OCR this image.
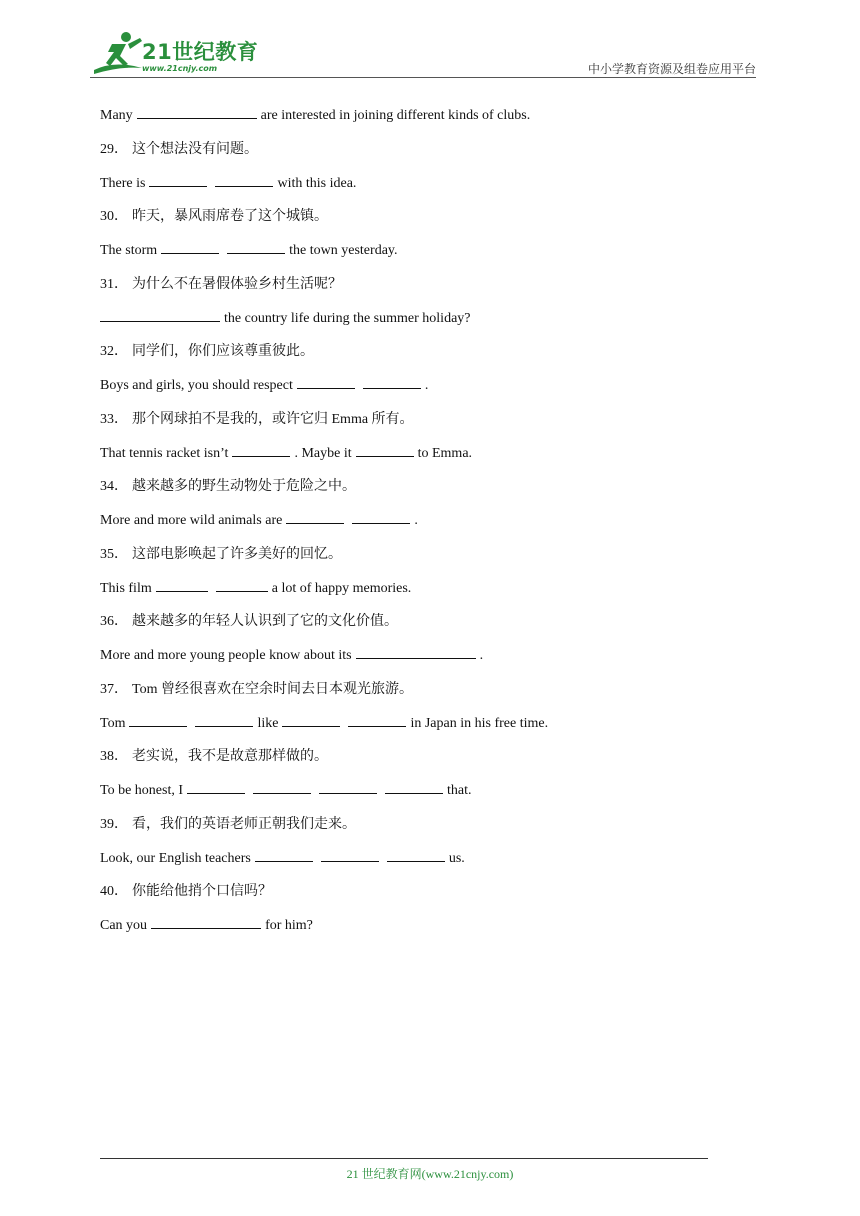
21世纪教育
www.21cnjy.com	中小学教育资源及组卷应用平台
Many	are interested in joining different kinds of clubs.
29． 这个想法没有问题。
There is	with this idea.
30． 昨天，暴风雨席卷了这个城镇。
The storm	the town yesterday.
31． 为什么不在暑假体验乡村生活呢？
the country life during the summer holiday?
32． 同学们，你们应该尊重彼此。
Boys and girls, you should respect	.
33． 那个网球拍不是我的，或许它归 Emma 所有。
That tennis racket isn’t	. Maybe it	to Emma.
34． 越来越多的野生动物处于危险之中。
More and more wild animals are	.
35． 这部电影唤起了许多美好的回忆。
This film	a lot of happy memories.
36． 越来越多的年轻人认识到了它的文化价值。
More and more young people know about its	.
37． Tom 曾经很喜欢在空余时间去日本观光旅游。
Tom	like	in Japan in his free time.
38． 老实说，我不是故意那样做的。
To be honest, I	that.
39． 看，我们的英语老师正朝我们走来。
Look, our English teachers	us.
40． 你能给他捎个口信吗？
Can you	for him?
21 世纪教育网(www.21cnjy.com)
